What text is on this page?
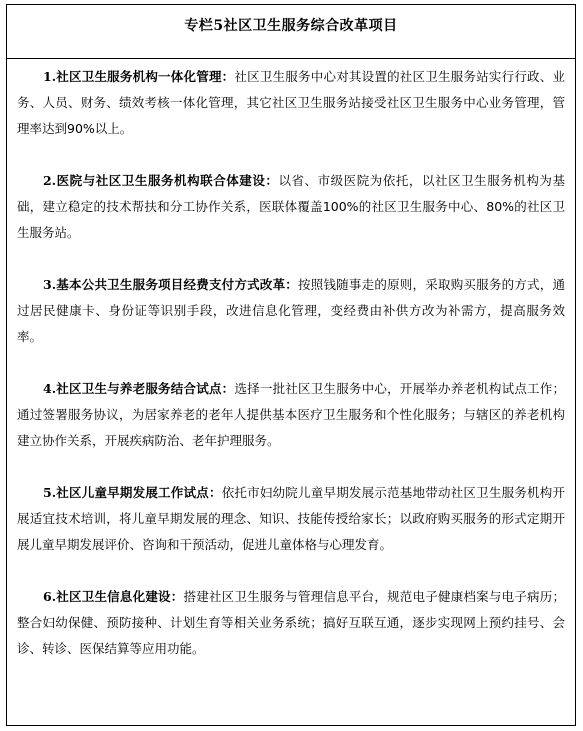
专栏5社区卫生服务综合改革项目

1.社区卫生服务机构一体化管理：社区卫生服务中心对其设置的社区卫生服务站实行行政、业务、人员、财务、绩效考核一体化管理，其它社区卫生服务站接受社区卫生服务中心业务管理，管理率达到90%以上。

2.医院与社区卫生服务机构联合体建设：以省、市级医院为依托，以社区卫生服务机构为基础，建立稳定的技术帮扶和分工协作关系，医联体覆盖100%的社区卫生服务中心、80%的社区卫生服务站。

3.基本公共卫生服务项目经费支付方式改革：按照钱随事走的原则，采取购买服务的方式，通过居民健康卡、身份证等识别手段，改进信息化管理，变经费由补供方改为补需方，提高服务效率。

4.社区卫生与养老服务结合试点：选择一批社区卫生服务中心，开展举办养老机构试点工作；通过签署服务协议，为居家养老的老年人提供基本医疗卫生服务和个性化服务；与辖区的养老机构建立协作关系，开展疾病防治、老年护理服务。

5.社区儿童早期发展工作试点：依托市妇幼院儿童早期发展示范基地带动社区卫生服务机构开展适宜技术培训，将儿童早期发展的理念、知识、技能传授给家长；以政府购买服务的形式定期开展儿童早期发展评价、咨询和干预活动，促进儿童体格与心理发育。

6.社区卫生信息化建设：搭建社区卫生服务与管理信息平台，规范电子健康档案与电子病历；整合妇幼保健、预防接种、计划生育等相关业务系统；搞好互联互通，逐步实现网上预约挂号、会诊、转诊、医保结算等应用功能。
